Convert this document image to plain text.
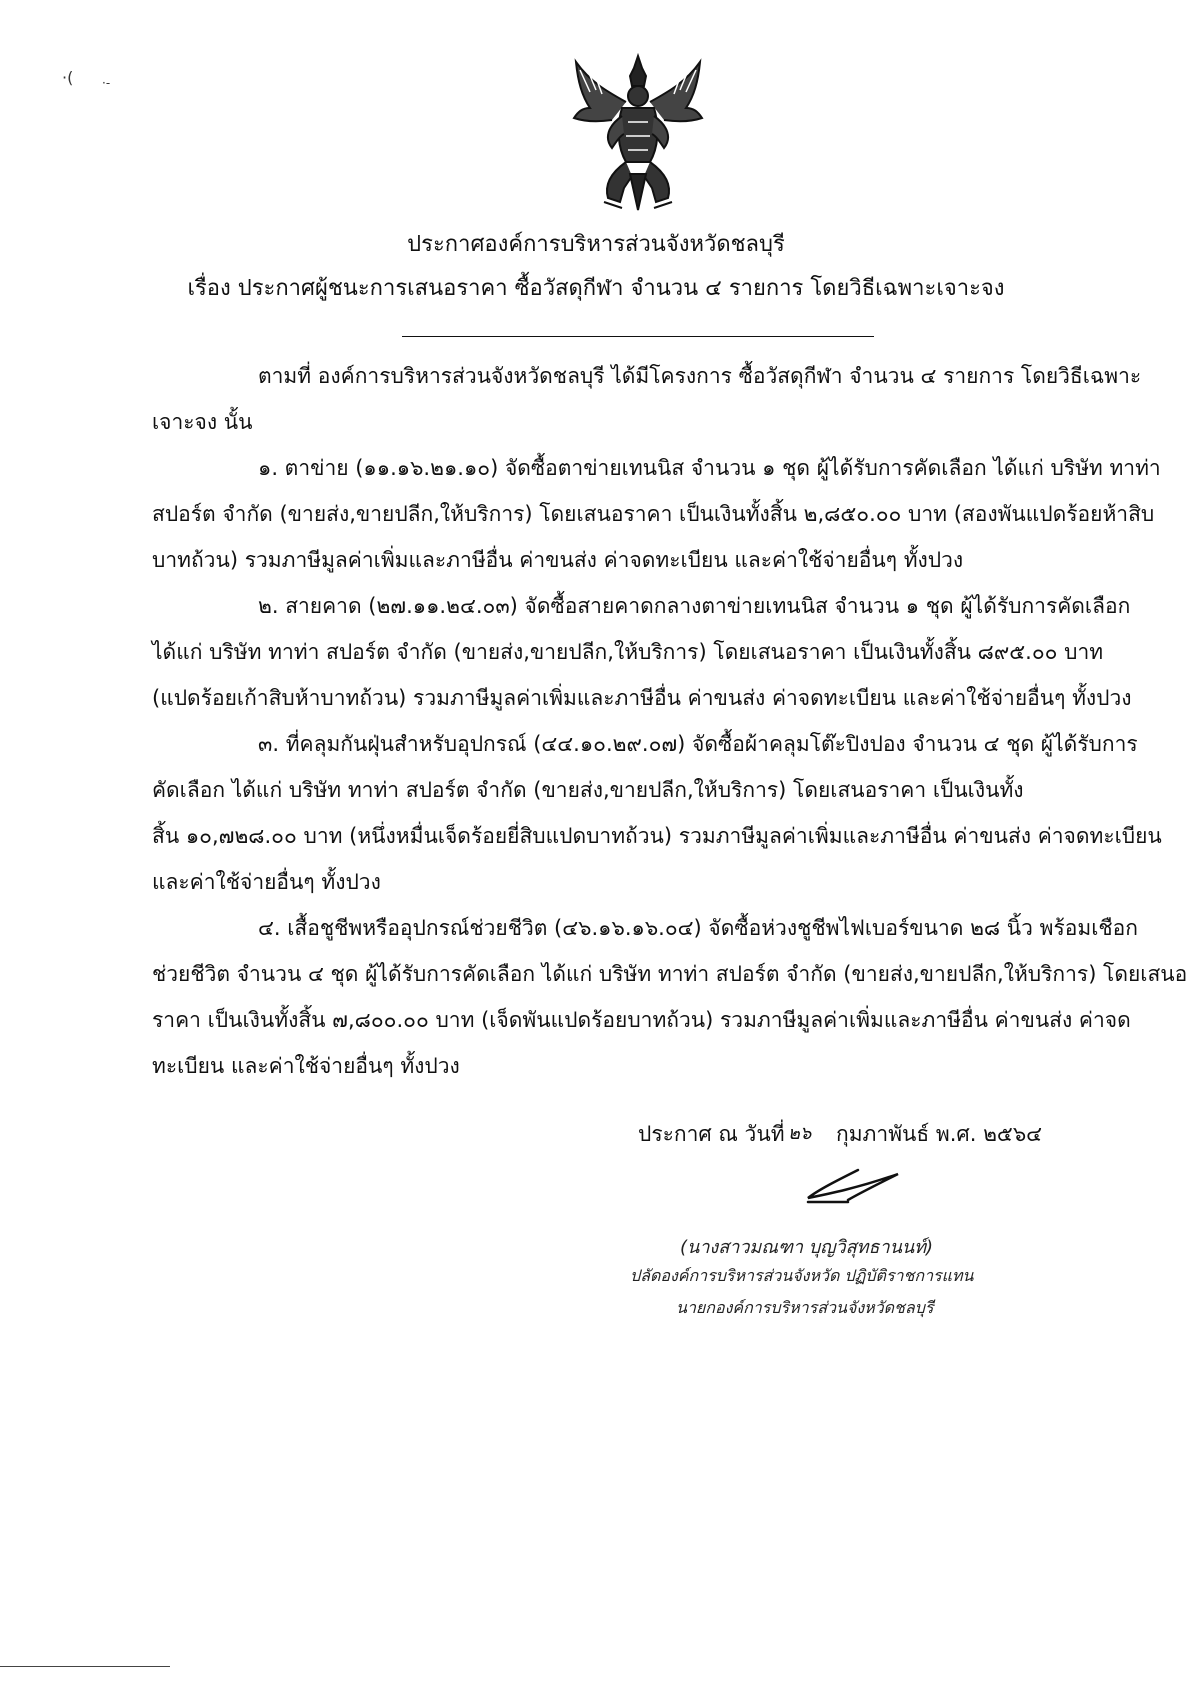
·( ·-
ประกาศองค์การบริหารส่วนจังหวัดชลบุรี
เรื่อง ประกาศผู้ชนะการเสนอราคา ซื้อวัสดุกีฬา จำนวน ๔ รายการ โดยวิธีเฉพาะเจาะจง
ตามที่ องค์การบริหารส่วนจังหวัดชลบุรี ได้มีโครงการ ซื้อวัสดุกีฬา จำนวน ๔ รายการ โดยวิธีเฉพาะ
เจาะจง นั้น
๑. ตาข่าย (๑๑.๑๖.๒๑.๑๐) จัดซื้อตาข่ายเทนนิส จำนวน ๑ ชุด ผู้ได้รับการคัดเลือก ได้แก่ บริษัท ทาท่า
สปอร์ต จำกัด (ขายส่ง,ขายปลีก,ให้บริการ) โดยเสนอราคา เป็นเงินทั้งสิ้น ๒,๘๕๐.๐๐ บาท (สองพันแปดร้อยห้าสิบ
บาทถ้วน) รวมภาษีมูลค่าเพิ่มและภาษีอื่น ค่าขนส่ง ค่าจดทะเบียน และค่าใช้จ่ายอื่นๆ ทั้งปวง
๒. สายคาด (๒๗.๑๑.๒๔.๐๓) จัดซื้อสายคาดกลางตาข่ายเทนนิส จำนวน ๑ ชุด ผู้ได้รับการคัดเลือก
ได้แก่ บริษัท ทาท่า สปอร์ต จำกัด (ขายส่ง,ขายปลีก,ให้บริการ) โดยเสนอราคา เป็นเงินทั้งสิ้น ๘๙๕.๐๐ บาท
(แปดร้อยเก้าสิบห้าบาทถ้วน) รวมภาษีมูลค่าเพิ่มและภาษีอื่น ค่าขนส่ง ค่าจดทะเบียน และค่าใช้จ่ายอื่นๆ ทั้งปวง
๓. ที่คลุมกันฝุ่นสำหรับอุปกรณ์ (๔๔.๑๐.๒๙.๐๗) จัดซื้อผ้าคลุมโต๊ะปิงปอง จำนวน ๔ ชุด ผู้ได้รับการ
คัดเลือก ได้แก่ บริษัท ทาท่า สปอร์ต จำกัด (ขายส่ง,ขายปลีก,ให้บริการ) โดยเสนอราคา เป็นเงินทั้ง
สิ้น ๑๐,๗๒๘.๐๐ บาท (หนึ่งหมื่นเจ็ดร้อยยี่สิบแปดบาทถ้วน) รวมภาษีมูลค่าเพิ่มและภาษีอื่น ค่าขนส่ง ค่าจดทะเบียน
และค่าใช้จ่ายอื่นๆ ทั้งปวง
๔. เสื้อชูชีพหรืออุปกรณ์ช่วยชีวิต (๔๖.๑๖.๑๖.๐๔) จัดซื้อห่วงชูชีพไฟเบอร์ขนาด ๒๘ นิ้ว พร้อมเชือก
ช่วยชีวิต จำนวน ๔ ชุด ผู้ได้รับการคัดเลือก ได้แก่ บริษัท ทาท่า สปอร์ต จำกัด (ขายส่ง,ขายปลีก,ให้บริการ) โดยเสนอ
ราคา เป็นเงินทั้งสิ้น ๗,๘๐๐.๐๐ บาท (เจ็ดพันแปดร้อยบาทถ้วน) รวมภาษีมูลค่าเพิ่มและภาษีอื่น ค่าขนส่ง ค่าจด
ทะเบียน และค่าใช้จ่ายอื่นๆ ทั้งปวง
ประกาศ ณ วันที่ ๒๖ กุมภาพันธ์ พ.ศ. ๒๕๖๔
(นางสาวมณฑา บุญวิสุทธานนท์)
ปลัดองค์การบริหารส่วนจังหวัด ปฏิบัติราชการแทน
นายกองค์การบริหารส่วนจังหวัดชลบุรี
